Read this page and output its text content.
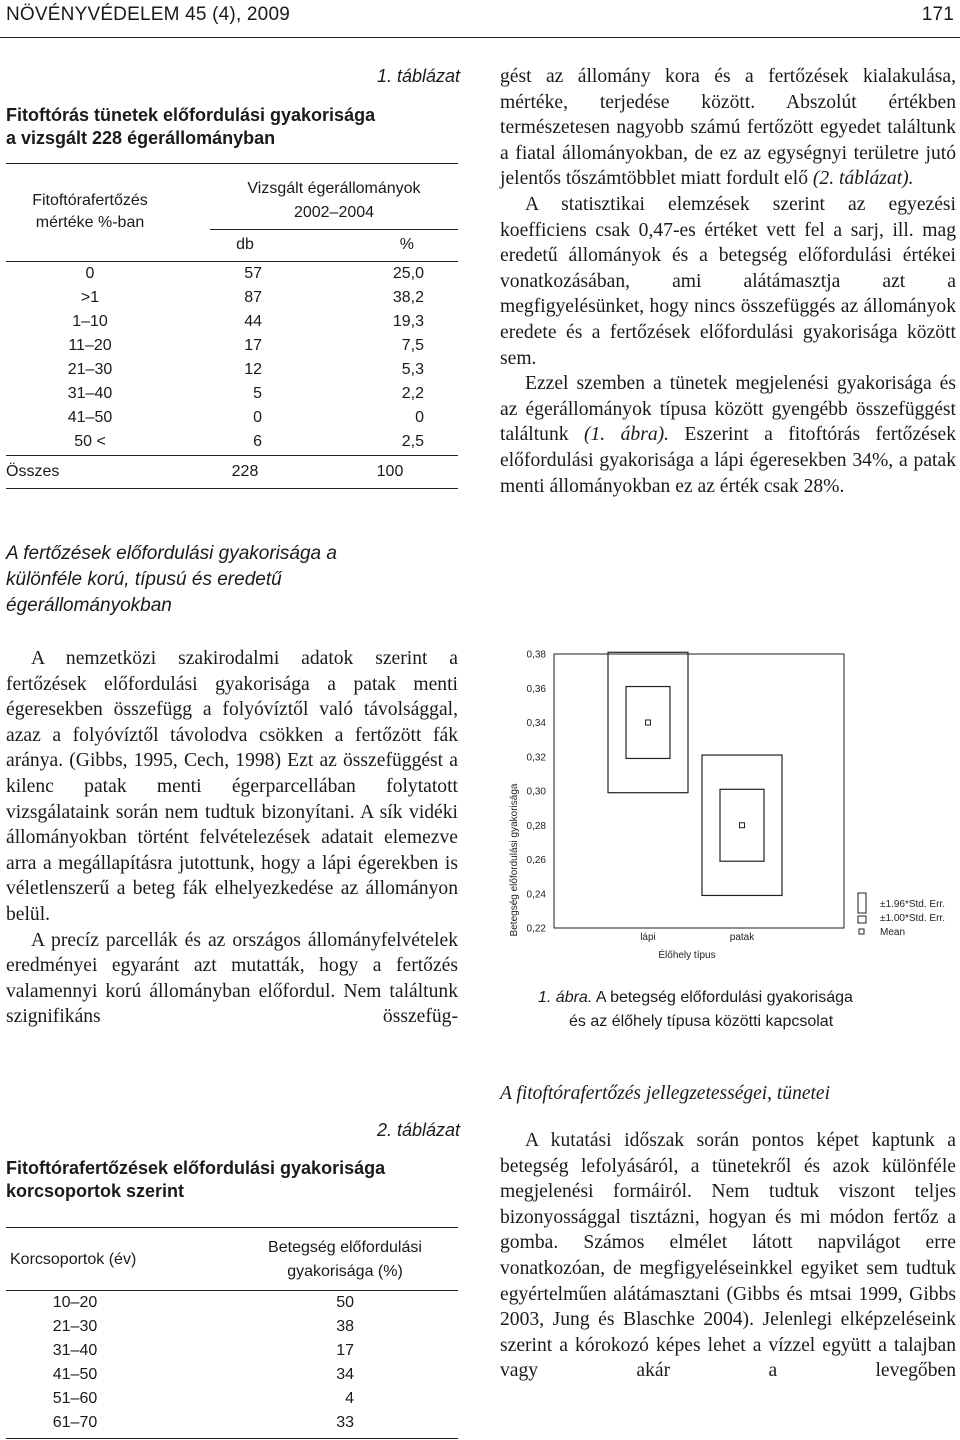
NÖVÉNYVÉDELEM 45 (4), 2009	171
1. táblázat
Fitoftórás tünetek előfordulási gyakorisága
a vizsgált 228 égerállományban
Fitoftórafertőzés
mértéke %-ban
Vizsgált égerállományok
2002–2004
db	%
0	57	25,0
>1	87	38,2
1–10	44	19,3
11–20	17	7,5
21–30	12	5,3
31–40	5	2,2
41–50	0	0
50 <	6	2,5
Összes	228	100
A fertőzések előfordulási gyakorisága a különféle korú, típusú és eredetű égerállományokban

A nemzetközi szakirodalmi adatok szerint a fertőzések előfordulási gyakorisága a patak menti égeresekben összefügg a folyóvíztől való távolsággal, azaz a folyóvíztől távolodva csökken a fertőzött fák aránya. (Gibbs, 1995, Cech, 1998) Ezt az összefüggést a kilenc patak menti égerparcellában folytatott vizsgálataink során nem tudtuk bizonyítani. A sík vidéki állományokban történt felvételezések adatait elemezve arra a megállapításra jutottunk, hogy a lápi égerekben is véletlenszerű a beteg fák elhelyezkedése az állományon belül.

A precíz parcellák és az országos állományfelvételek eredményei egyaránt azt mutatták, hogy a fertőzés valamennyi korú állományban előfordul. Nem találtunk szignifikáns összefüg-

2. táblázat
Fitoftórafertőzések előfordulási gyakorisága
korcsoportok szerint
Korcsoportok (év)
Betegség előfordulási
gyakorisága (%)
10–20	50
21–30	38
31–40	17
41–50	34
51–60	4
61–70	33

gést az állomány kora és a fertőzések kialakulása, mértéke, terjedése között. Abszolút értékben természetesen nagyobb számú fertőzött egyedet találtunk a fiatal állományokban, de ez az egységnyi területre jutó jelentős tőszámtöbblet miatt fordult elő (2. táblázat).

A statisztikai elemzések szerint az egyezési koefficiens csak 0,47-es értéket vett fel a sarj, ill. mag eredetű állományok és a betegség előfordulási értékei vonatkozásában, ami alátámasztja azt a megfigyelésünket, hogy nincs összefüggés az állományok eredete és a fertőzések előfordulási gyakorisága között sem.

Ezzel szemben a tünetek megjelenési gyakorisága és az égerállományok típusa között gyengébb összefüggést találtunk (1. ábra). Eszerint a fitoftórás fertőzések előfordulási gyakorisága a lápi égeresekben 34%, a patak menti állományokban ez az érték csak 28%.

0,22
0,24
0,26
0,28
0,30
0,32
0,34
0,36
0,38
lápi	patak
Betegség előfordulási gyakorisága
Élőhely típus
±1.96*Std. Err.
±1.00*Std. Err.
Mean
1. ábra. A betegség előfordulási gyakorisága
és az élőhely típusa közötti kapcsolat
A fitoftórafertőzés jellegzetességei, tünetei

A kutatási időszak során pontos képet kaptunk a betegség lefolyásáról, a tünetekről és azok különféle megjelenési formáiról. Nem tudtuk viszont teljes bizonyossággal tisztázni, hogyan és mi módon fertőz a gomba. Számos elmélet látott napvilágot erre vonatkozóan, de megfigyeléseinkkel egyiket sem tudtuk egyértelműen alátámasztani (Gibbs és mtsai 1999, Gibbs 2003, Jung és Blaschke 2004). Jelenlegi elképzeléseink szerint a kórokozó képes lehet a vízzel együtt a talajban vagy akár a levegőben
